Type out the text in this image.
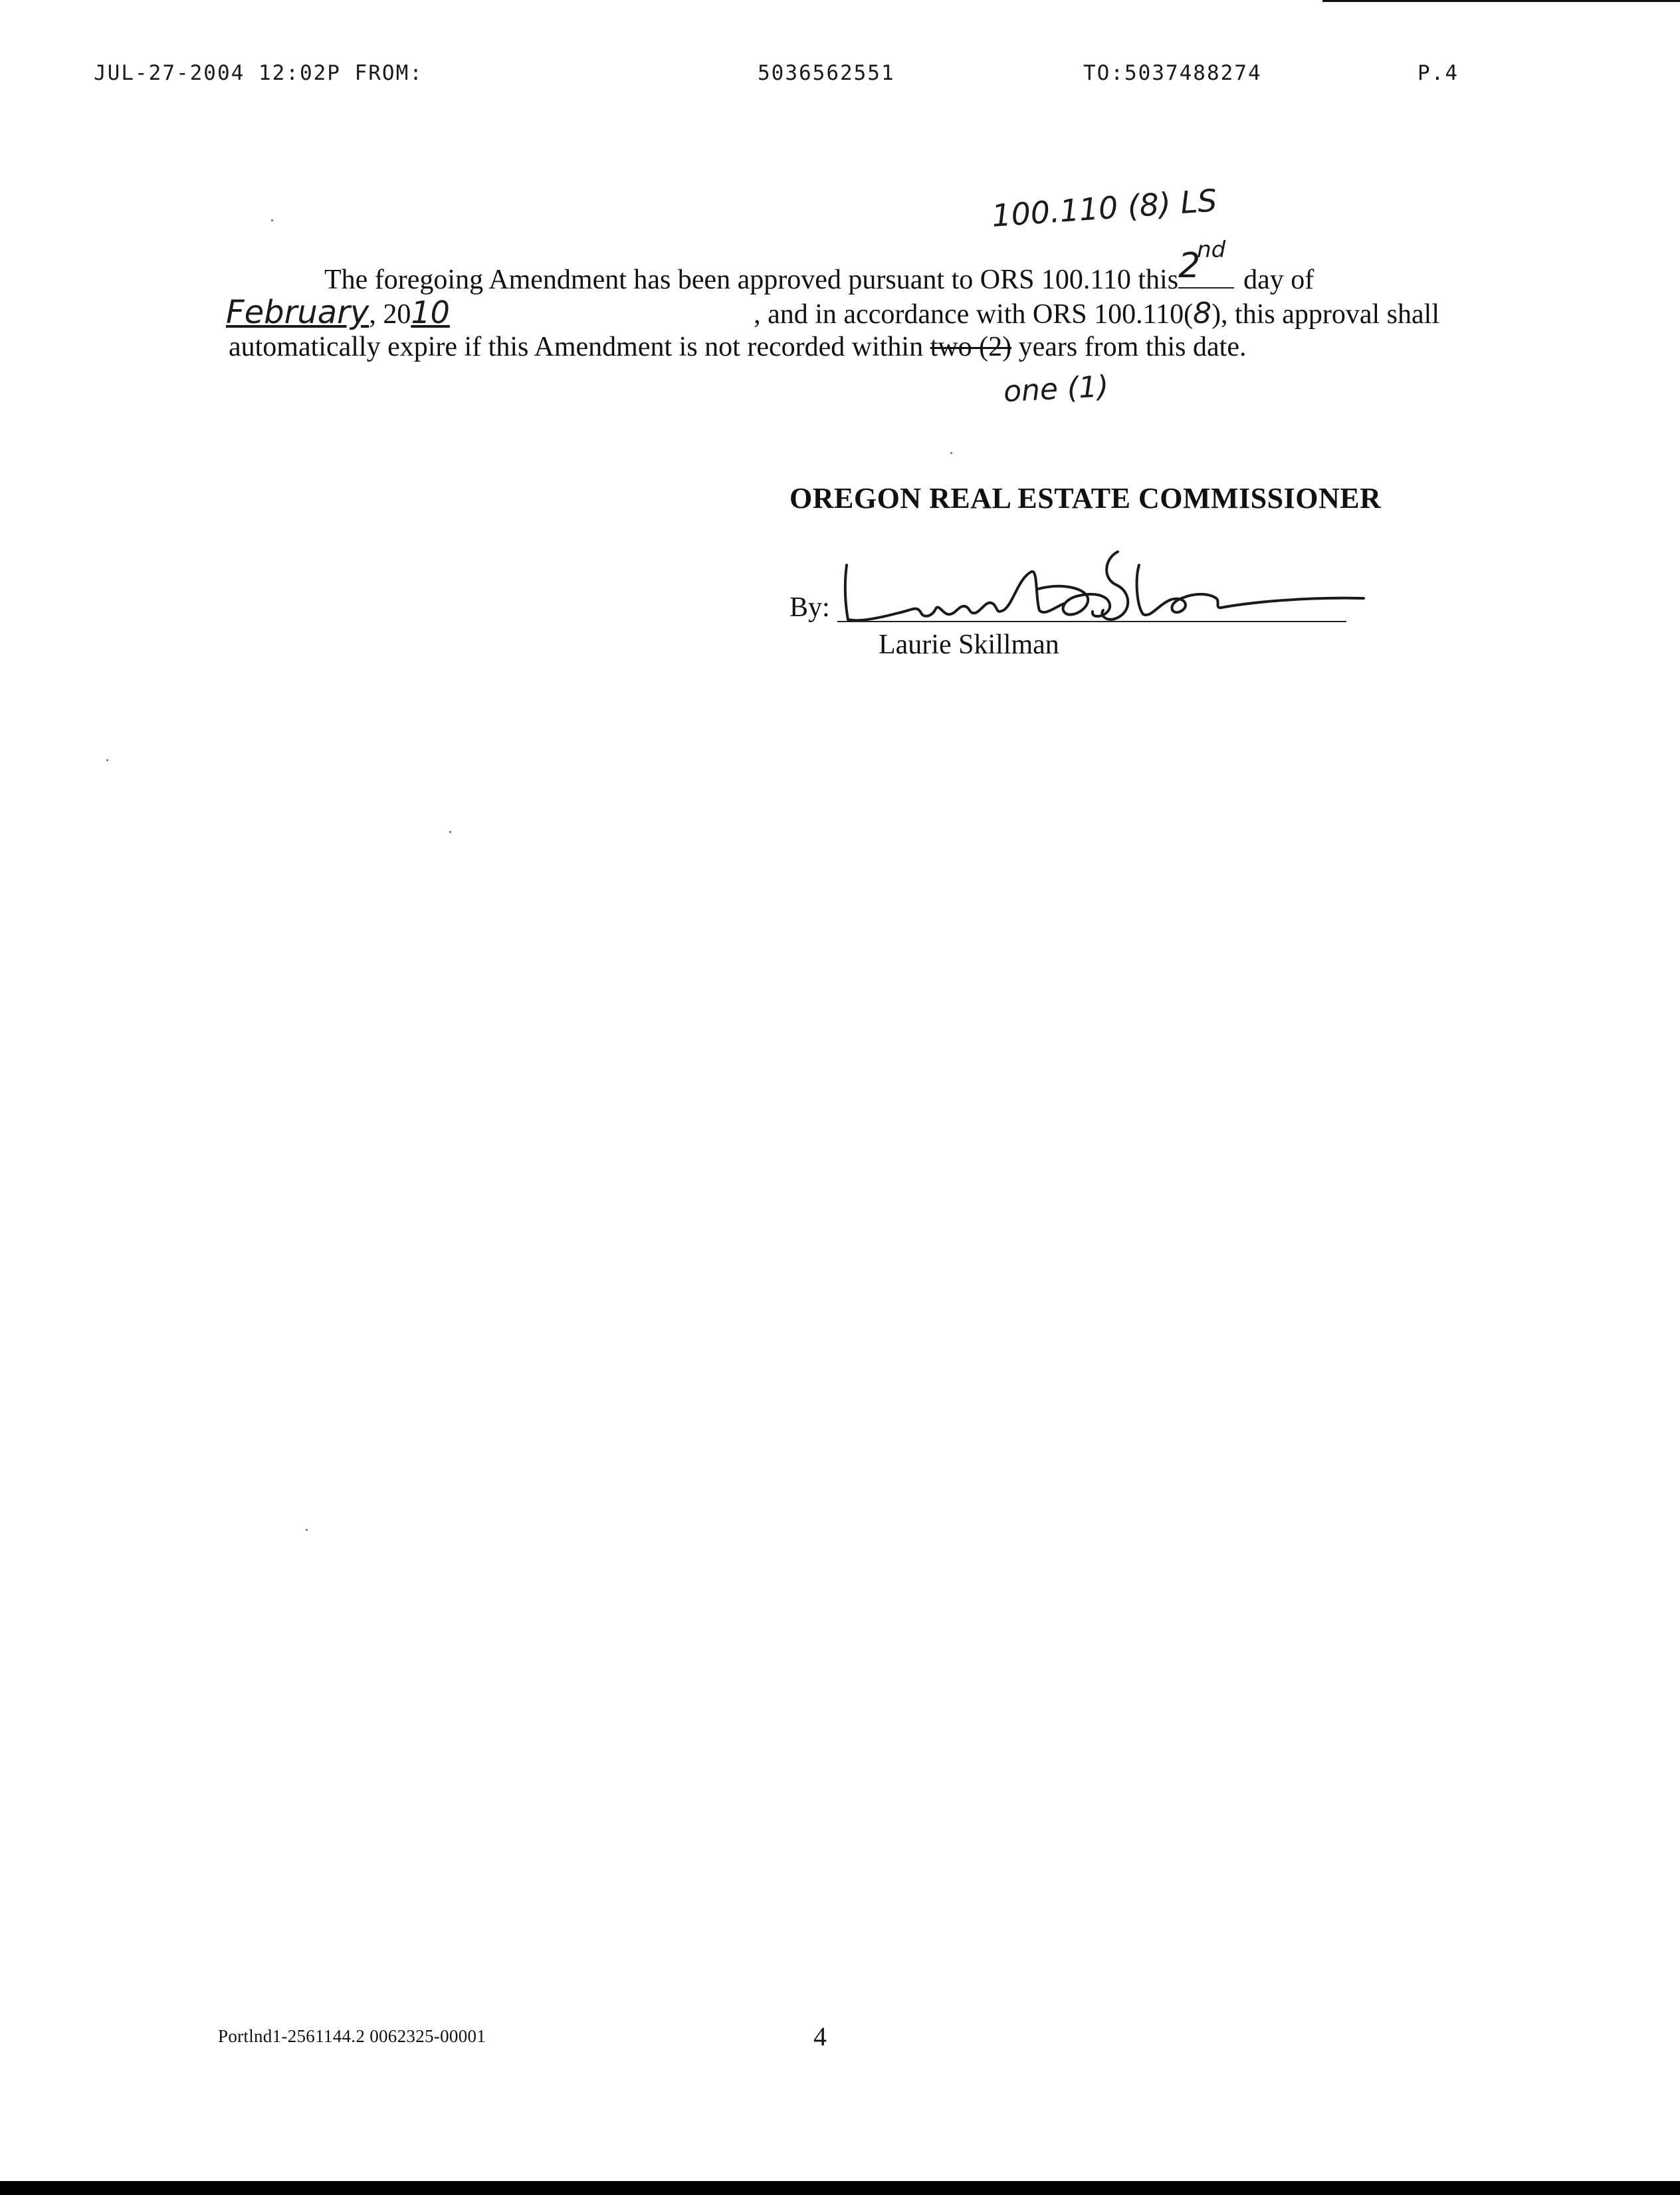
JUL-27-2004 12:02P FROM:	5036562551	TO:5037488274	P.4
100.110 (8) LS
The foregoing Amendment has been approved pursuant to ORS 100.110 this 2
nd
day of
February, 2010	, and in accordance with ORS 100.110(8), this approval shall
automatically expire if this Amendment is not recorded within two (2) years from this date.
one (1)
OREGON REAL ESTATE COMMISSIONER
By:
Laurie Skillman
Portlnd1-2561144.2 0062325-00001	4
